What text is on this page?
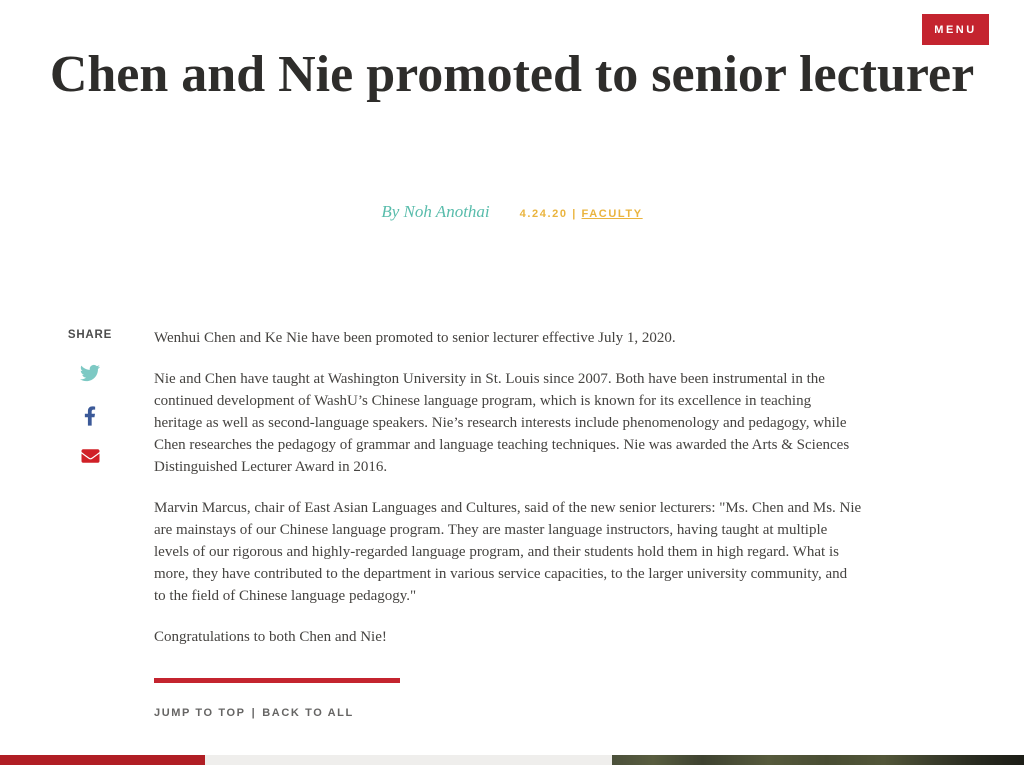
MENU
Chen and Nie promoted to senior lecturer
By Noh Anothai	4.24.20 | FACULTY
SHARE	Wenhui Chen and Ke Nie have been promoted to senior lecturer effective July 1, 2020.

Nie and Chen have taught at Washington University in St. Louis since 2007. Both have been instrumental in the continued development of WashU’s Chinese language program, which is known for its excellence in teaching heritage as well as second-language speakers. Nie’s research interests include phenomenology and pedagogy, while Chen researches the pedagogy of grammar and language teaching techniques. Nie was awarded the Arts & Sciences Distinguished Lecturer Award in 2016.

Marvin Marcus, chair of East Asian Languages and Cultures, said of the new senior lecturers: "Ms. Chen and Ms. Nie are mainstays of our Chinese language program. They are master language instructors, having taught at multiple levels of our rigorous and highly-regarded language program, and their students hold them in high regard. What is more, they have contributed to the department in various service capacities, to the larger university community, and to the field of Chinese language pedagogy."

Congratulations to both Chen and Nie!

JUMP TO TOP | BACK TO ALL
